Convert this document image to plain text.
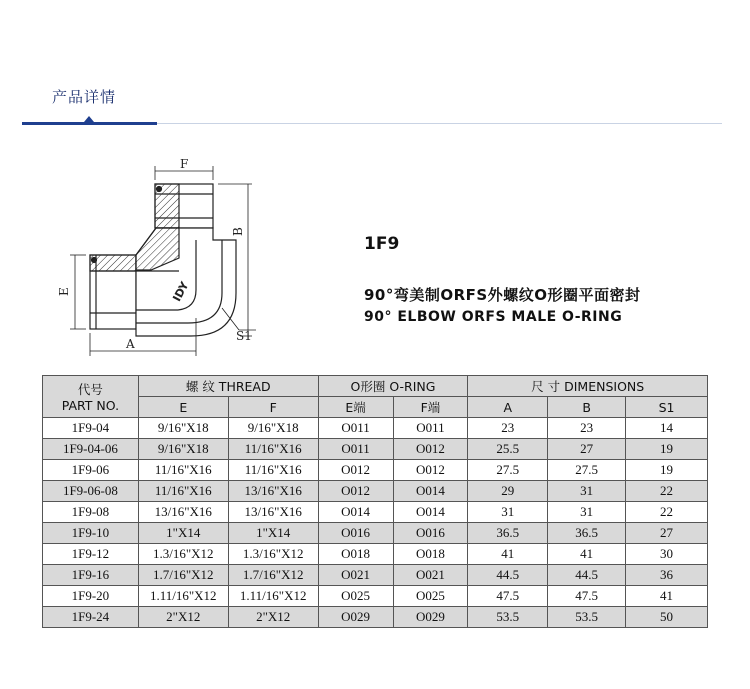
产品详情
IDY
F
B
E
A
S1
1F9
90°弯美制ORFS外螺纹O形圈平面密封
90° ELBOW ORFS MALE O-RING
代号
PART NO.	螺 纹 THREAD		O形圈 O-RING		尺 寸 DIMENSIONS		
	E	F	E端	F端	A	B	S1
1F9-04	9/16"X18	9/16"X18	O011	O011	23	23	14
1F9-04-06	9/16"X18	11/16"X16	O011	O012	25.5	27	19
1F9-06	11/16"X16	11/16"X16	O012	O012	27.5	27.5	19
1F9-06-08	11/16"X16	13/16"X16	O012	O014	29	31	22
1F9-08	13/16"X16	13/16"X16	O014	O014	31	31	22
1F9-10	1"X14	1"X14	O016	O016	36.5	36.5	27
1F9-12	1.3/16"X12	1.3/16"X12	O018	O018	41	41	30
1F9-16	1.7/16"X12	1.7/16"X12	O021	O021	44.5	44.5	36
1F9-20	1.11/16"X12	1.11/16"X12	O025	O025	47.5	47.5	41
1F9-24	2"X12	2"X12	O029	O029	53.5	53.5	50
